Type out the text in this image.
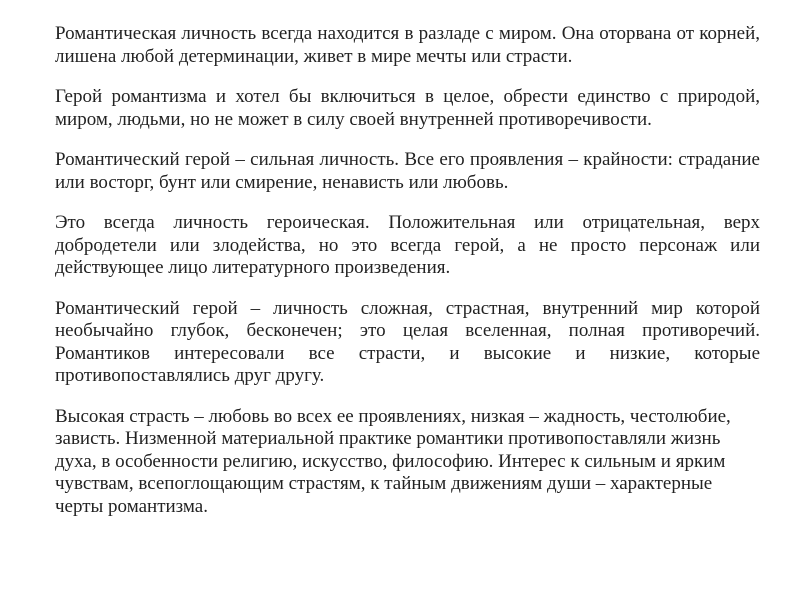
Романтическая личность всегда находится в разладе с миром. Она оторвана от корней, лишена любой детерминации, живет в мире мечты или страсти.

Герой романтизма и хотел бы включиться в целое, обрести единство с природой, миром, людьми, но не может в силу своей внутренней противоречивости.

Романтический герой – сильная личность. Все его проявления – крайности: страдание или восторг, бунт или смирение, ненависть или любовь.

Это всегда личность героическая. Положительная или отрицательная, верх добродетели или злодейства, но это всегда герой, а не просто персонаж или действующее лицо литературного произведения.

Романтический герой – личность сложная, страстная, внутренний мир которой необычайно глубок, бесконечен; это целая вселенная, полная противоречий. Романтиков интересовали все страсти, и высокие и низкие, которые противопоставлялись друг другу.

Высокая страсть – любовь во всех ее проявлениях, низкая – жадность, честолюбие, зависть. Низменной материальной практике романтики противопоставляли жизнь духа, в особенности религию, искусство, философию. Интерес к сильным и ярким чувствам, всепоглощающим страстям, к тайным движениям души – характерные черты романтизма.
